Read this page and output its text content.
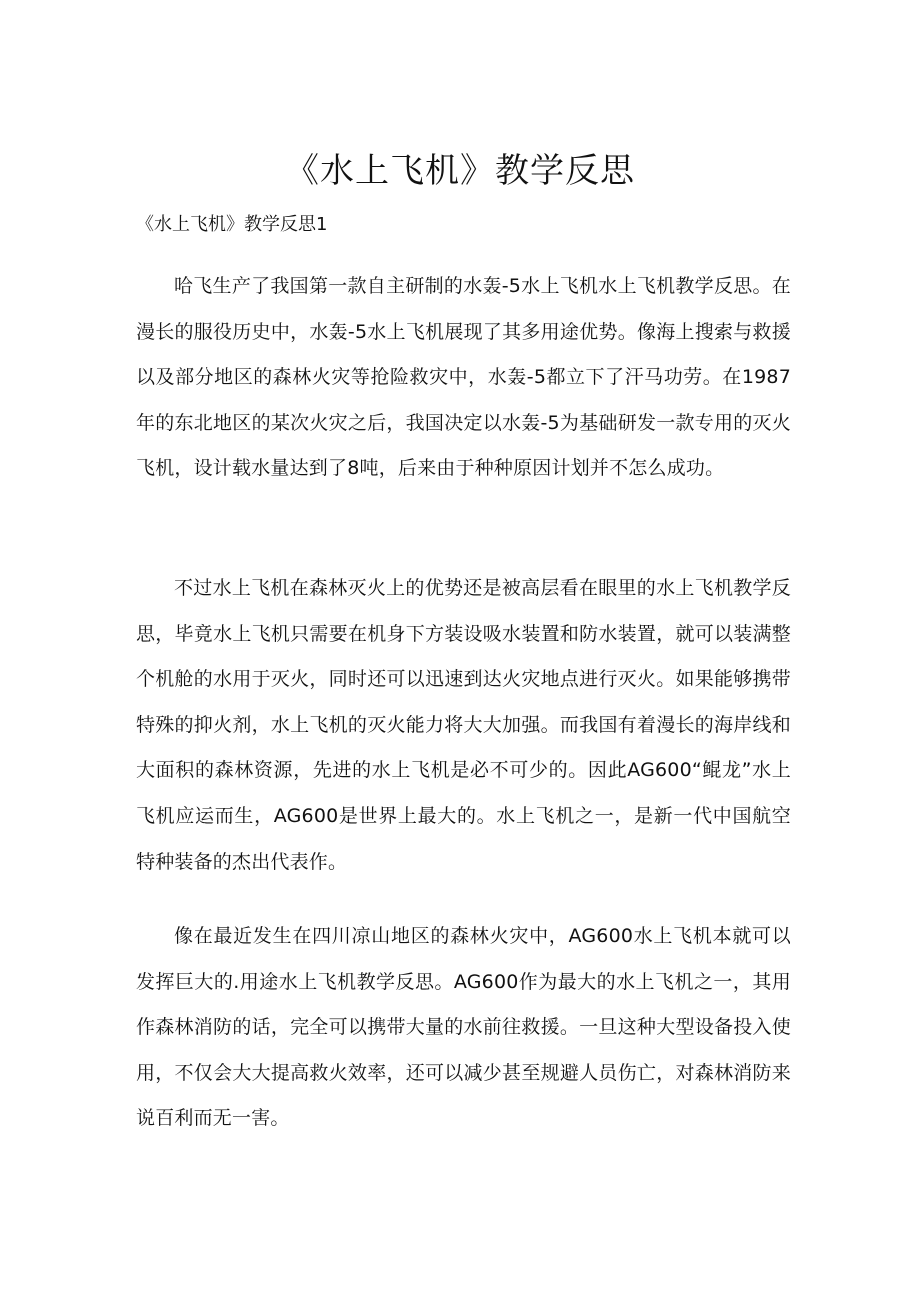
《水上飞机》教学反思
《水上飞机》教学反思1

哈飞生产了我国第一款自主研制的水轰-5水上飞机水上飞机教学反思。在漫长的服役历史中，水轰-5水上飞机展现了其多用途优势。像海上搜索与救援以及部分地区的森林火灾等抢险救灾中，水轰-5都立下了汗马功劳。在1987年的东北地区的某次火灾之后，我国决定以水轰-5为基础研发一款专用的灭火飞机，设计载水量达到了8吨，后来由于种种原因计划并不怎么成功。

不过水上飞机在森林灭火上的优势还是被高层看在眼里的水上飞机教学反思，毕竟水上飞机只需要在机身下方装设吸水装置和防水装置，就可以装满整个机舱的水用于灭火，同时还可以迅速到达火灾地点进行灭火。如果能够携带特殊的抑火剂，水上飞机的灭火能力将大大加强。而我国有着漫长的海岸线和大面积的森林资源，先进的水上飞机是必不可少的。因此AG600“鲲龙”水上飞机应运而生，AG600是世界上最大的。水上飞机之一，是新一代中国航空特种装备的杰出代表作。

像在最近发生在四川凉山地区的森林火灾中，AG600水上飞机本就可以发挥巨大的.用途水上飞机教学反思。AG600作为最大的水上飞机之一，其用作森林消防的话，完全可以携带大量的水前往救援。一旦这种大型设备投入使用，不仅会大大提高救火效率，还可以减少甚至规避人员伤亡，对森林消防来说百利而无一害。
